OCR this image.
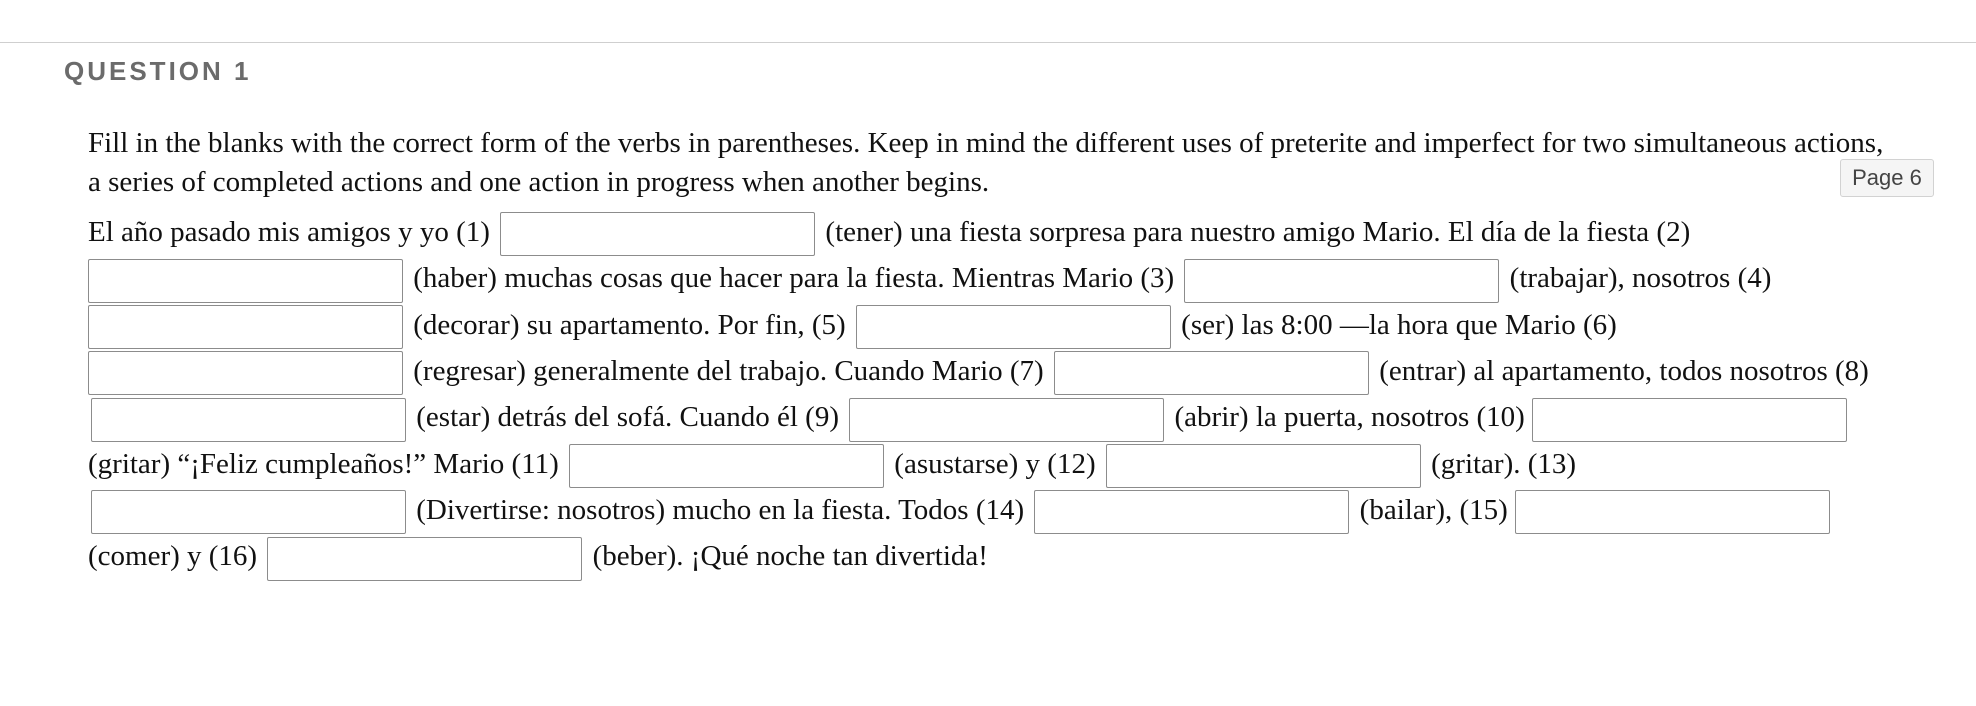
QUESTION 1
Page 6

Fill in the blanks with the correct form of the verbs in parentheses. Keep in mind the different uses of preterite and imperfect for two simultaneous actions, a series of completed actions and one action in progress when another begins.

El año pasado mis amigos y yo (1)	(tener) una fiesta sorpresa para nuestro amigo Mario. El día de la fiesta (2)  (haber) muchas cosas que hacer para la fiesta. Mientras Mario (3)	(trabajar), nosotros (4)  (decorar) su apartamento. Por fin, (5)	(ser) las 8:00 —la hora que Mario (6)  (regresar) generalmente del trabajo. Cuando Mario (7)	(entrar) al apartamento, todos nosotros (8)  (estar) detrás del sofá. Cuando él (9)	(abrir) la puerta, nosotros (10)  (gritar) “¡Feliz cumpleaños!” Mario (11)	(asustarse) y (12)	(gritar). (13)  (Divertirse: nosotros) mucho en la fiesta. Todos (14)	(bailar), (15)  (comer) y (16)	(beber). ¡Qué noche tan divertida!
